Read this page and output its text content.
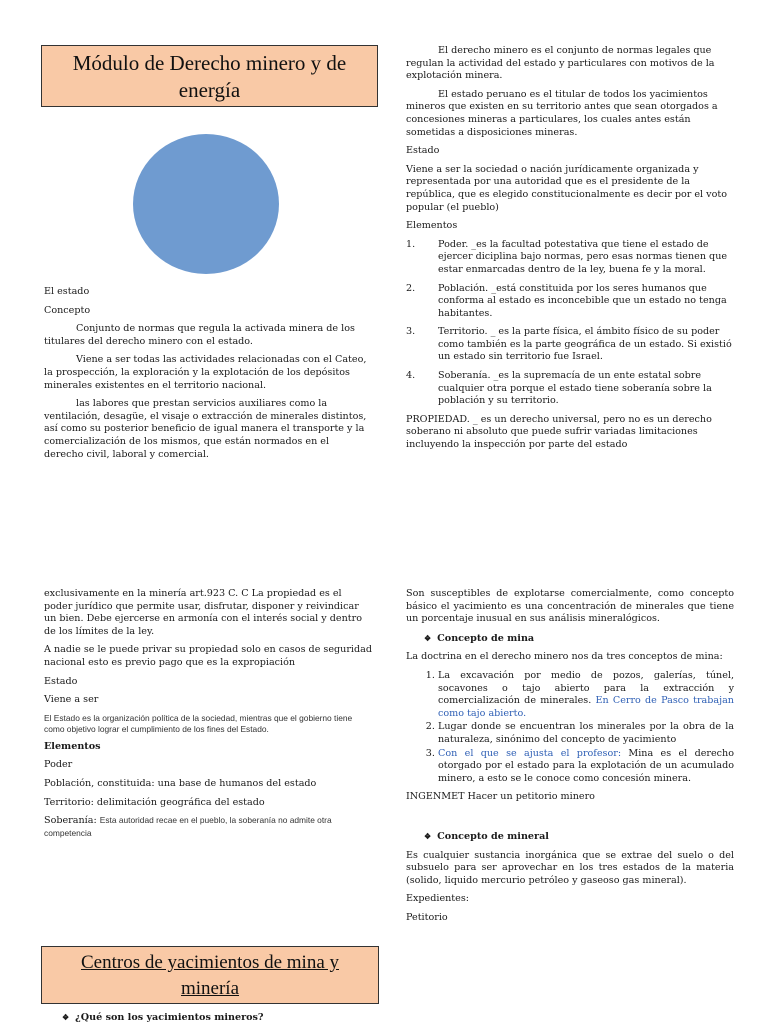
Módulo de Derecho minero y de
energía

El estado

Concepto

Conjunto de normas que regula la activada minera de los titulares del derecho minero con el estado.

Viene a ser todas las actividades relacionadas con el Cateo, la prospección, la exploración y la explotación de los depósitos minerales existentes en el territorio nacional.

las labores que prestan servicios auxiliares como la ventilación, desagüe, el visaje o extracción de minerales distintos, así como su posterior beneficio de igual manera el transporte y la comercialización de los mismos, que están normados en el derecho civil, laboral y comercial.

El derecho minero es el conjunto de normas legales que regulan la actividad del estado y particulares con motivos de la explotación minera.

El estado peruano es el titular de todos los yacimientos mineros que existen en su territorio antes que sean otorgados a concesiones mineras a particulares, los cuales antes están sometidas a disposiciones mineras.

Estado

Viene a ser la sociedad o nación jurídicamente organizada y representada por una autoridad que es el presidente de la república, que es elegido constitucionalmente es decir por el voto popular (el pueblo)

Elementos

1.	Poder. _es la facultad potestativa que tiene el estado de ejercer diciplina bajo normas, pero esas normas tienen que estar enmarcadas dentro de la ley, buena fe y la moral.
2.	Población. _está constituida por los seres humanos que conforma al estado es inconcebible que un estado no tenga habitantes.
3.	Territorio. _ es la parte física, el ámbito físico de su poder como también es la parte geográfica de un estado. Si existió un estado sin territorio fue Israel.
4.	Soberanía. _es la supremacía de un ente estatal sobre cualquier otra porque el estado tiene soberanía sobre la población y su territorio.

PROPIEDAD. _ es un derecho universal, pero no es un derecho soberano ni absoluto que puede sufrir variadas limitaciones incluyendo la inspección por parte del estado

exclusivamente en la minería art.923 C. C La propiedad es el poder jurídico que permite usar, disfrutar, disponer y reivindicar un bien. Debe ejercerse en armonía con el interés social y dentro de los límites de la ley.

A nadie se le puede privar su propiedad solo en casos de seguridad nacional esto es previo pago que es la expropiación

Estado

Viene a ser

El Estado es la organización política de la sociedad, mientras que el gobierno tiene como objetivo lograr el cumplimiento de los fines del Estado.

Elementos

Poder

Población, constituida: una base de humanos del estado

Territorio: delimitación geográfica del estado

Soberanía: Esta autoridad recae en el pueblo, la soberanía no admite otra competencia

Centros de yacimientos de mina y
minería
❖ ¿Qué son los yacimientos mineros?

Son susceptibles de explotarse comercialmente, como concepto básico el yacimiento es una concentración de minerales que tiene un porcentaje inusual en sus análisis mineralógicos.

❖ Concepto de mina

La doctrina en el derecho minero nos da tres conceptos de mina:

1. La excavación por medio de pozos, galerías, túnel, socavones o tajo abierto para la extracción y comercialización de minerales. En Cerro de Pasco trabajan como tajo abierto.
2. Lugar donde se encuentran los minerales por la obra de la naturaleza, sinónimo del concepto de yacimiento
3. Con el que se ajusta el profesor: Mina es el derecho otorgado por el estado para la explotación de un acumulado minero, a esto se le conoce como concesión minera.

INGENMET Hacer un petitorio minero

❖ Concepto de mineral

Es cualquier sustancia inorgánica que se extrae del suelo o del subsuelo para ser aprovechar en los tres estados de la materia (solido, liquido mercurio petróleo y gaseoso gas mineral).

Expedientes:

Petitorio
